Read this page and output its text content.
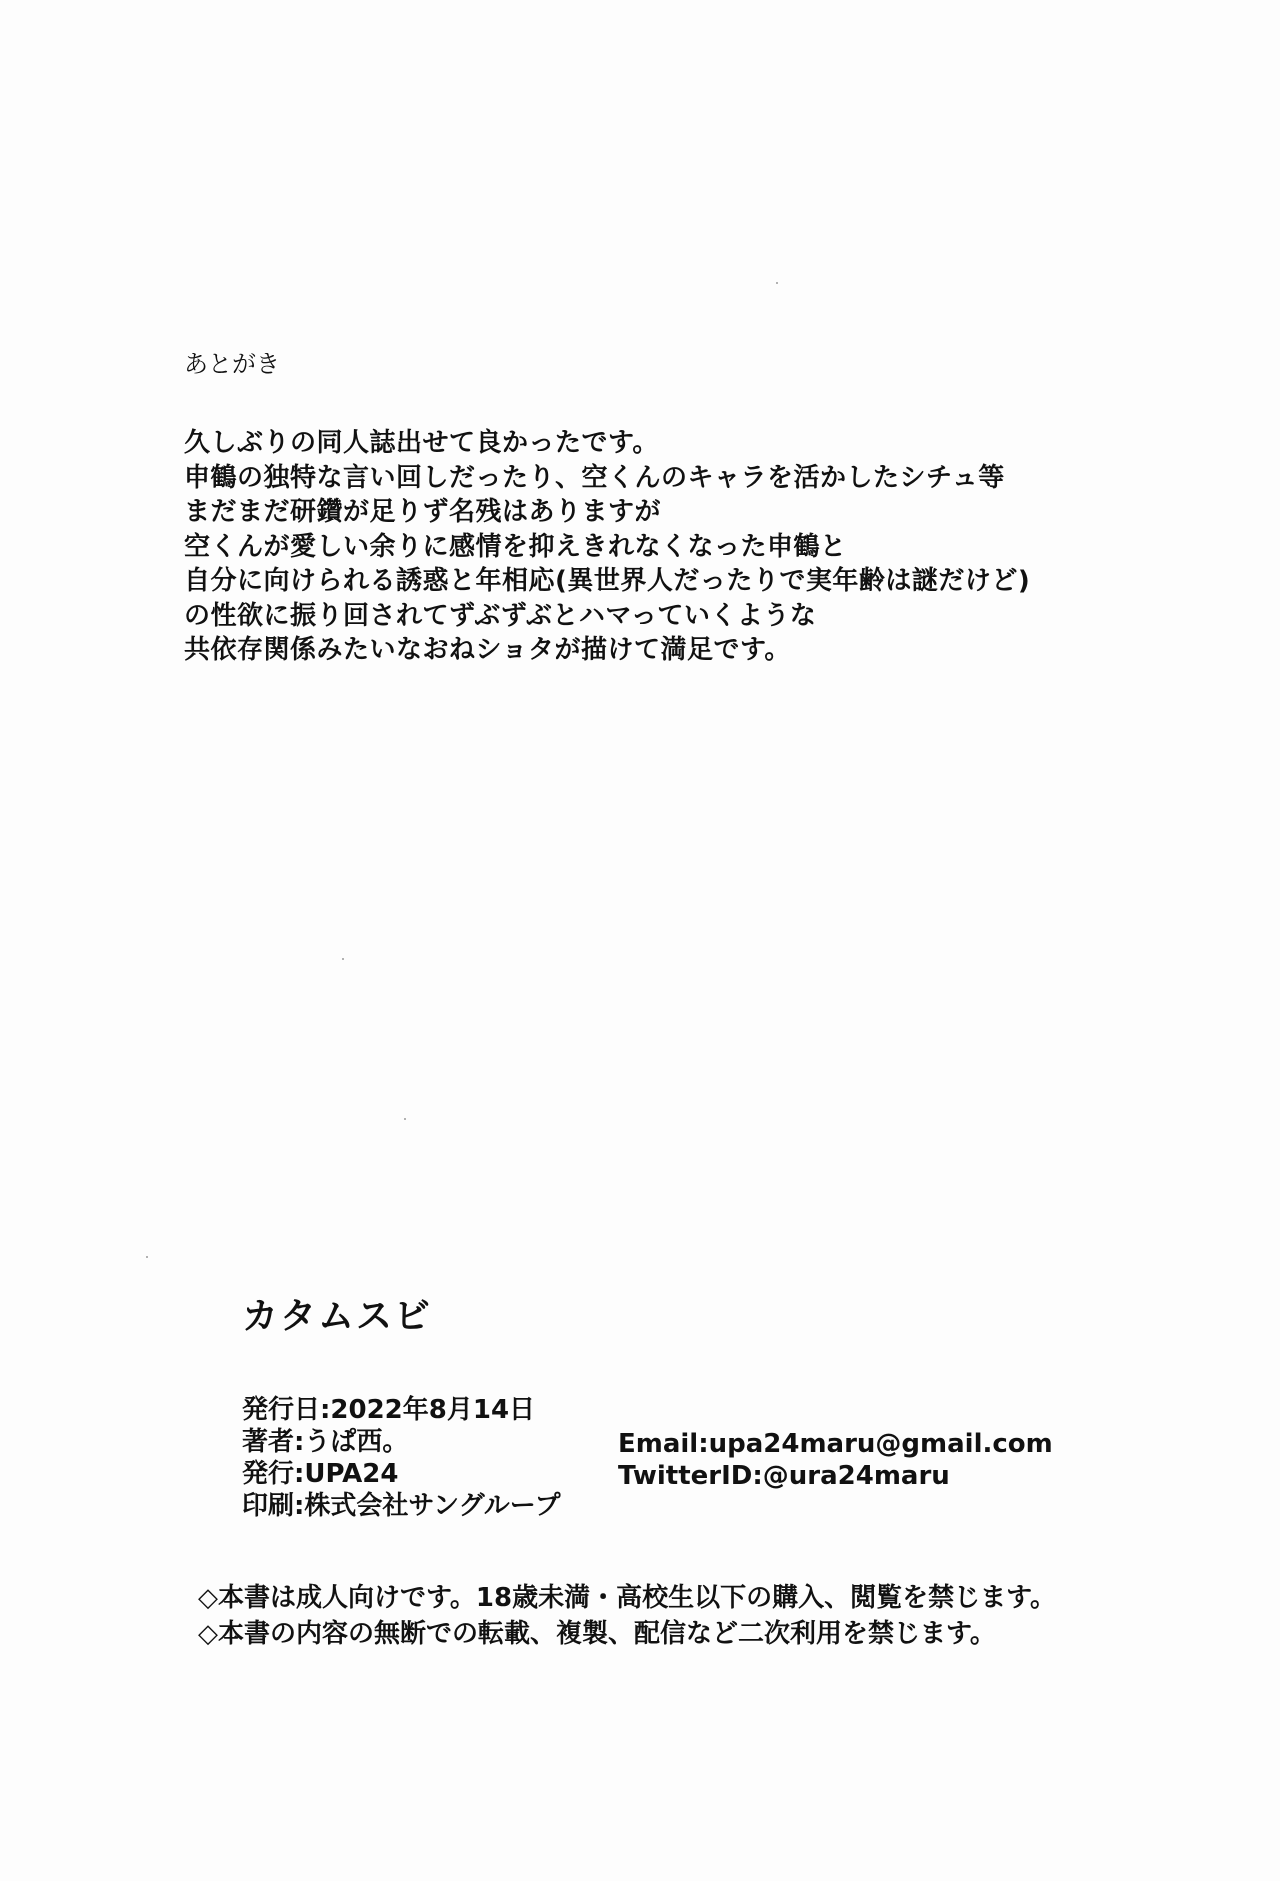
あとがき
久しぶりの同人誌出せて良かったです。
申鶴の独特な言い回しだったり、空くんのキャラを活かしたシチュ等
まだまだ研鑽が足りず名残はありますが
空くんが愛しい余りに感情を抑えきれなくなった申鶴と
自分に向けられる誘惑と年相応(異世界人だったりで実年齢は謎だけど)
の性欲に振り回されてずぶずぶとハマっていくような
共依存関係みたいなおねショタが描けて満足です。
カタムスビ
発行日:2022年8月14日
著者:うぱ西。
発行:UPA24
印刷:株式会社サングループ
Email:upa24maru@gmail.com
TwitterID:@ura24maru
◇本書は成人向けです。18歳未満・高校生以下の購入、閲覧を禁じます。
◇本書の内容の無断での転載、複製、配信など二次利用を禁じます。
